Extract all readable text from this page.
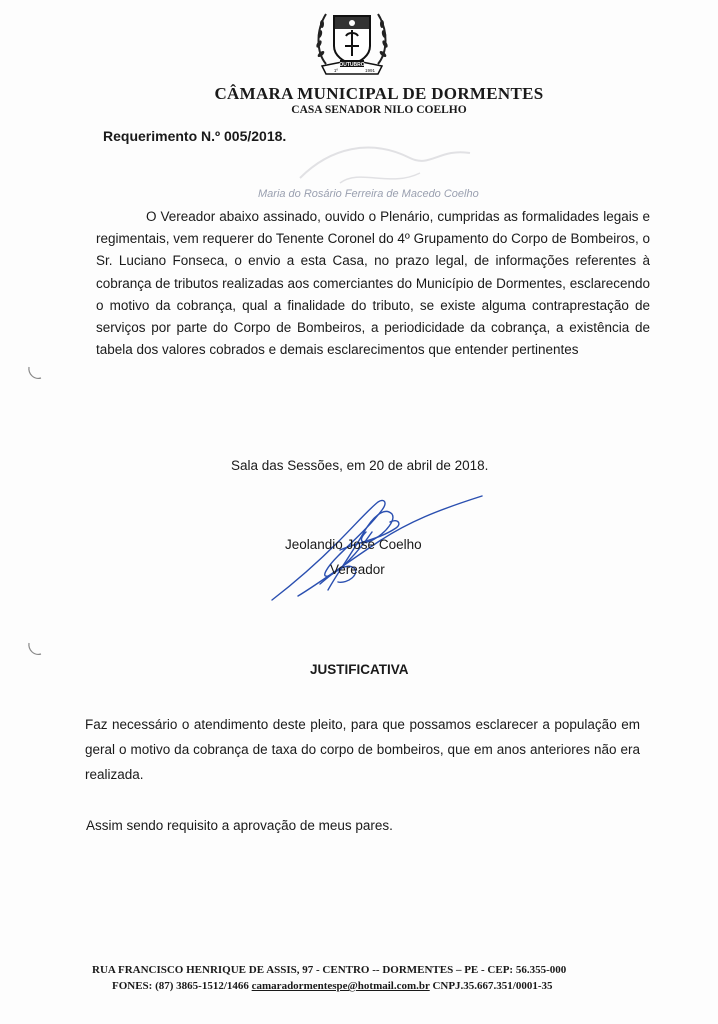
OUTUBRO
1º	1991
CÂMARA MUNICIPAL DE DORMENTES
CASA SENADOR NILO COELHO
Maria do Rosário Ferreira de Macedo Coelho
Requerimento N.º 005/2018.
O Vereador abaixo assinado, ouvido o Plenário, cumpridas as formalidades legais e regimentais, vem requerer do Tenente Coronel do 4º Grupamento do Corpo de Bombeiros, o Sr. Luciano Fonseca, o envio a esta Casa, no prazo legal, de informações referentes à cobrança de tributos realizadas aos comerciantes do Município de Dormentes, esclarecendo o motivo da cobrança, qual a finalidade do tributo, se existe alguma contraprestação de serviços por parte do Corpo de Bombeiros, a periodicidade da cobrança, a existência de tabela dos valores cobrados e demais esclarecimentos que entender pertinentes
Sala das Sessões, em 20 de abril de 2018.
Jeolandio Jose Coelho
Vereador
JUSTIFICATIVA
Faz necessário o atendimento deste pleito, para que possamos esclarecer a população em geral o motivo da cobrança de taxa do corpo de bombeiros, que em anos anteriores não era realizada.
Assim sendo requisito a aprovação de meus pares.
RUA FRANCISCO HENRIQUE DE ASSIS, 97 - CENTRO -- DORMENTES – PE - CEP: 56.355-000
FONES: (87) 3865-1512/1466 camaradormentespe@hotmail.com.br CNPJ.35.667.351/0001-35
